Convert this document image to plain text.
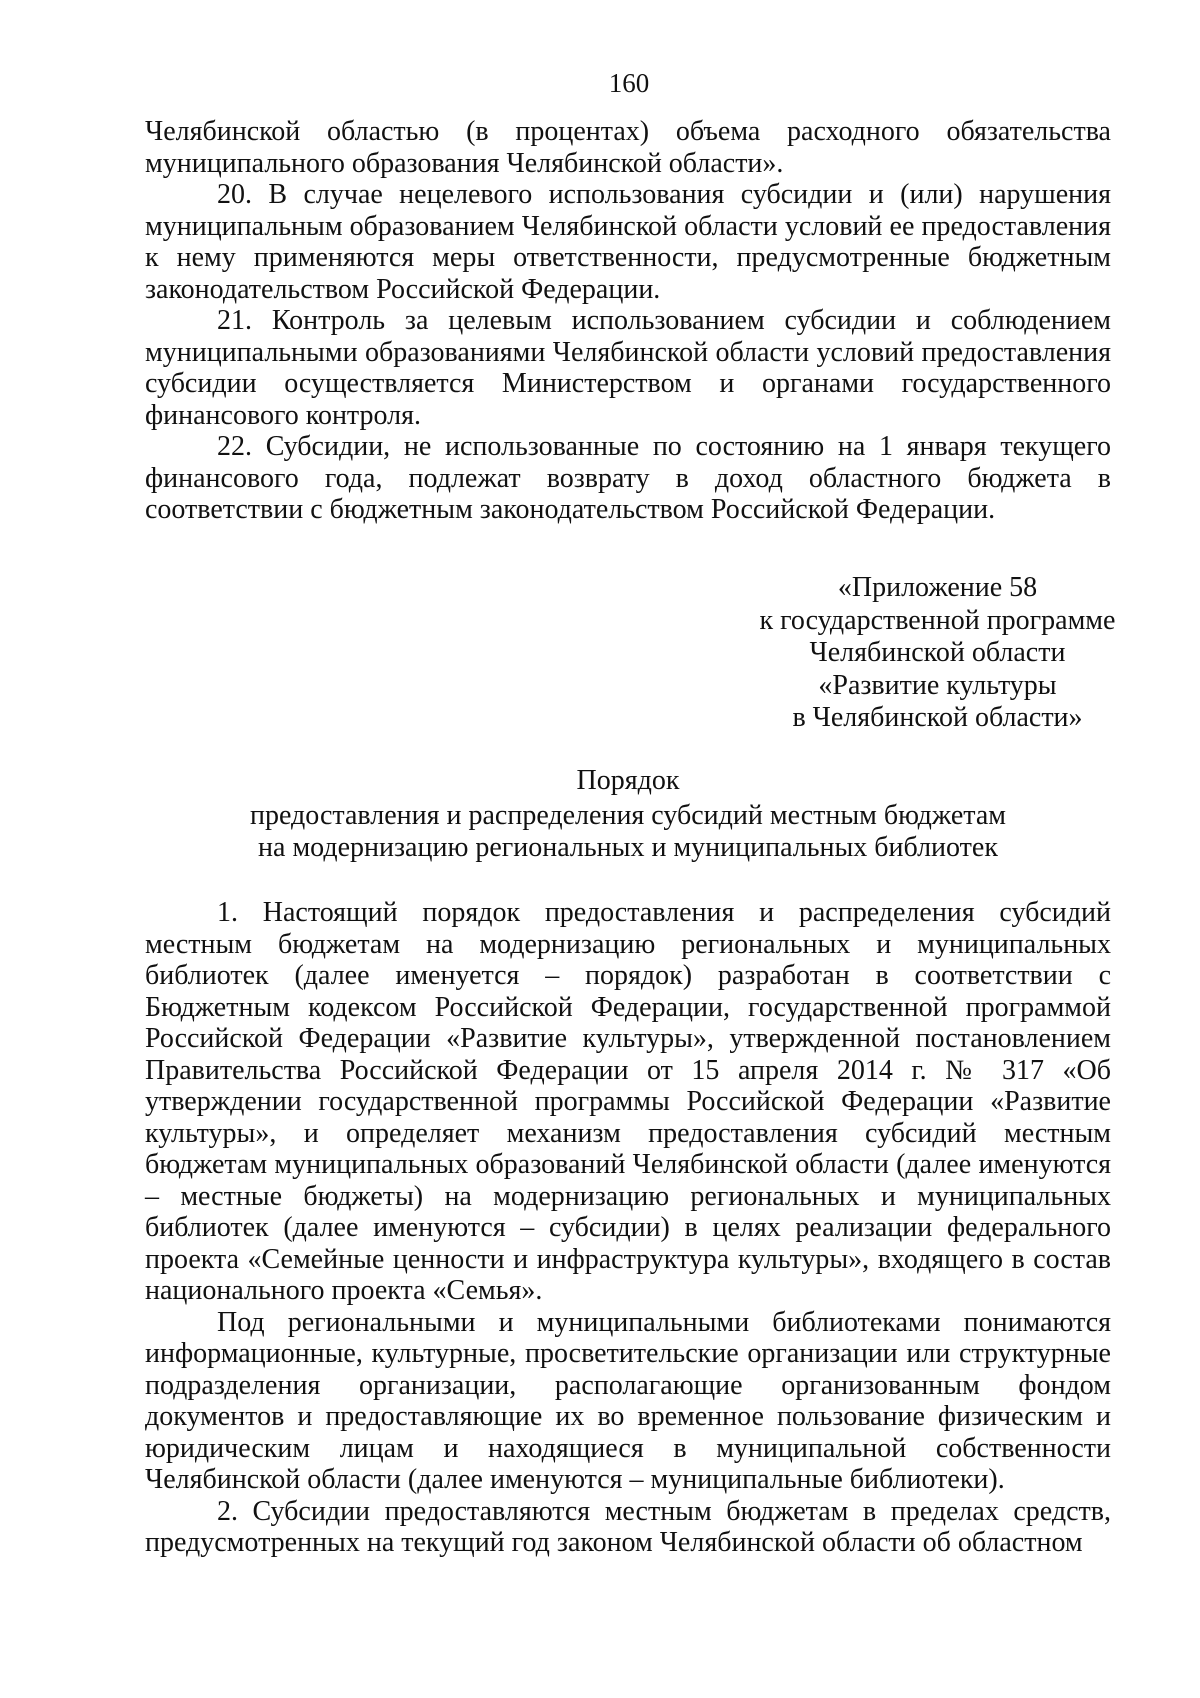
160

Челябинской областью (в процентах) объема расходного обязательства муниципального образования Челябинской области».

20. В случае нецелевого использования субсидии и (или) нарушения муниципальным образованием Челябинской области условий ее предоставления к нему применяются меры ответственности, предусмотренные бюджетным законодательством Российской Федерации.

21. Контроль за целевым использованием субсидии и соблюдением муниципальными образованиями Челябинской области условий предоставления субсидии осуществляется Министерством и органами государственного финансового контроля.

22. Субсидии, не использованные по состоянию на 1 января текущего финансового года, подлежат возврату в доход областного бюджета в соответствии с бюджетным законодательством Российской Федерации.

«Приложение 58
к государственной программе
Челябинской области
«Развитие культуры
в Челябинской области»
Порядок
предоставления и распределения субсидий местным бюджетам
на модернизацию региональных и муниципальных библиотек

1. Настоящий порядок предоставления и распределения субсидий местным бюджетам на модернизацию региональных и муниципальных библиотек (далее именуется – порядок) разработан в соответствии с Бюджетным кодексом Российской Федерации, государственной программой Российской Федерации «Развитие культуры», утвержденной постановлением Правительства Российской Федерации от 15 апреля 2014 г. № 317 «Об утверждении государственной программы Российской Федерации «Развитие культуры», и определяет механизм предоставления субсидий местным бюджетам муниципальных образований Челябинской области (далее именуются – местные бюджеты) на модернизацию региональных и муниципальных библиотек (далее именуются – субсидии) в целях реализации федерального проекта «Семейные ценности и инфраструктура культуры», входящего в состав национального проекта «Семья».

Под региональными и муниципальными библиотеками понимаются информационные, культурные, просветительские организации или структурные подразделения организации, располагающие организованным фондом документов и предоставляющие их во временное пользование физическим и юридическим лицам и находящиеся в муниципальной собственности Челябинской области (далее именуются – муниципальные библиотеки).

2. Субсидии предоставляются местным бюджетам в пределах средств, предусмотренных на текущий год законом Челябинской области об областном
